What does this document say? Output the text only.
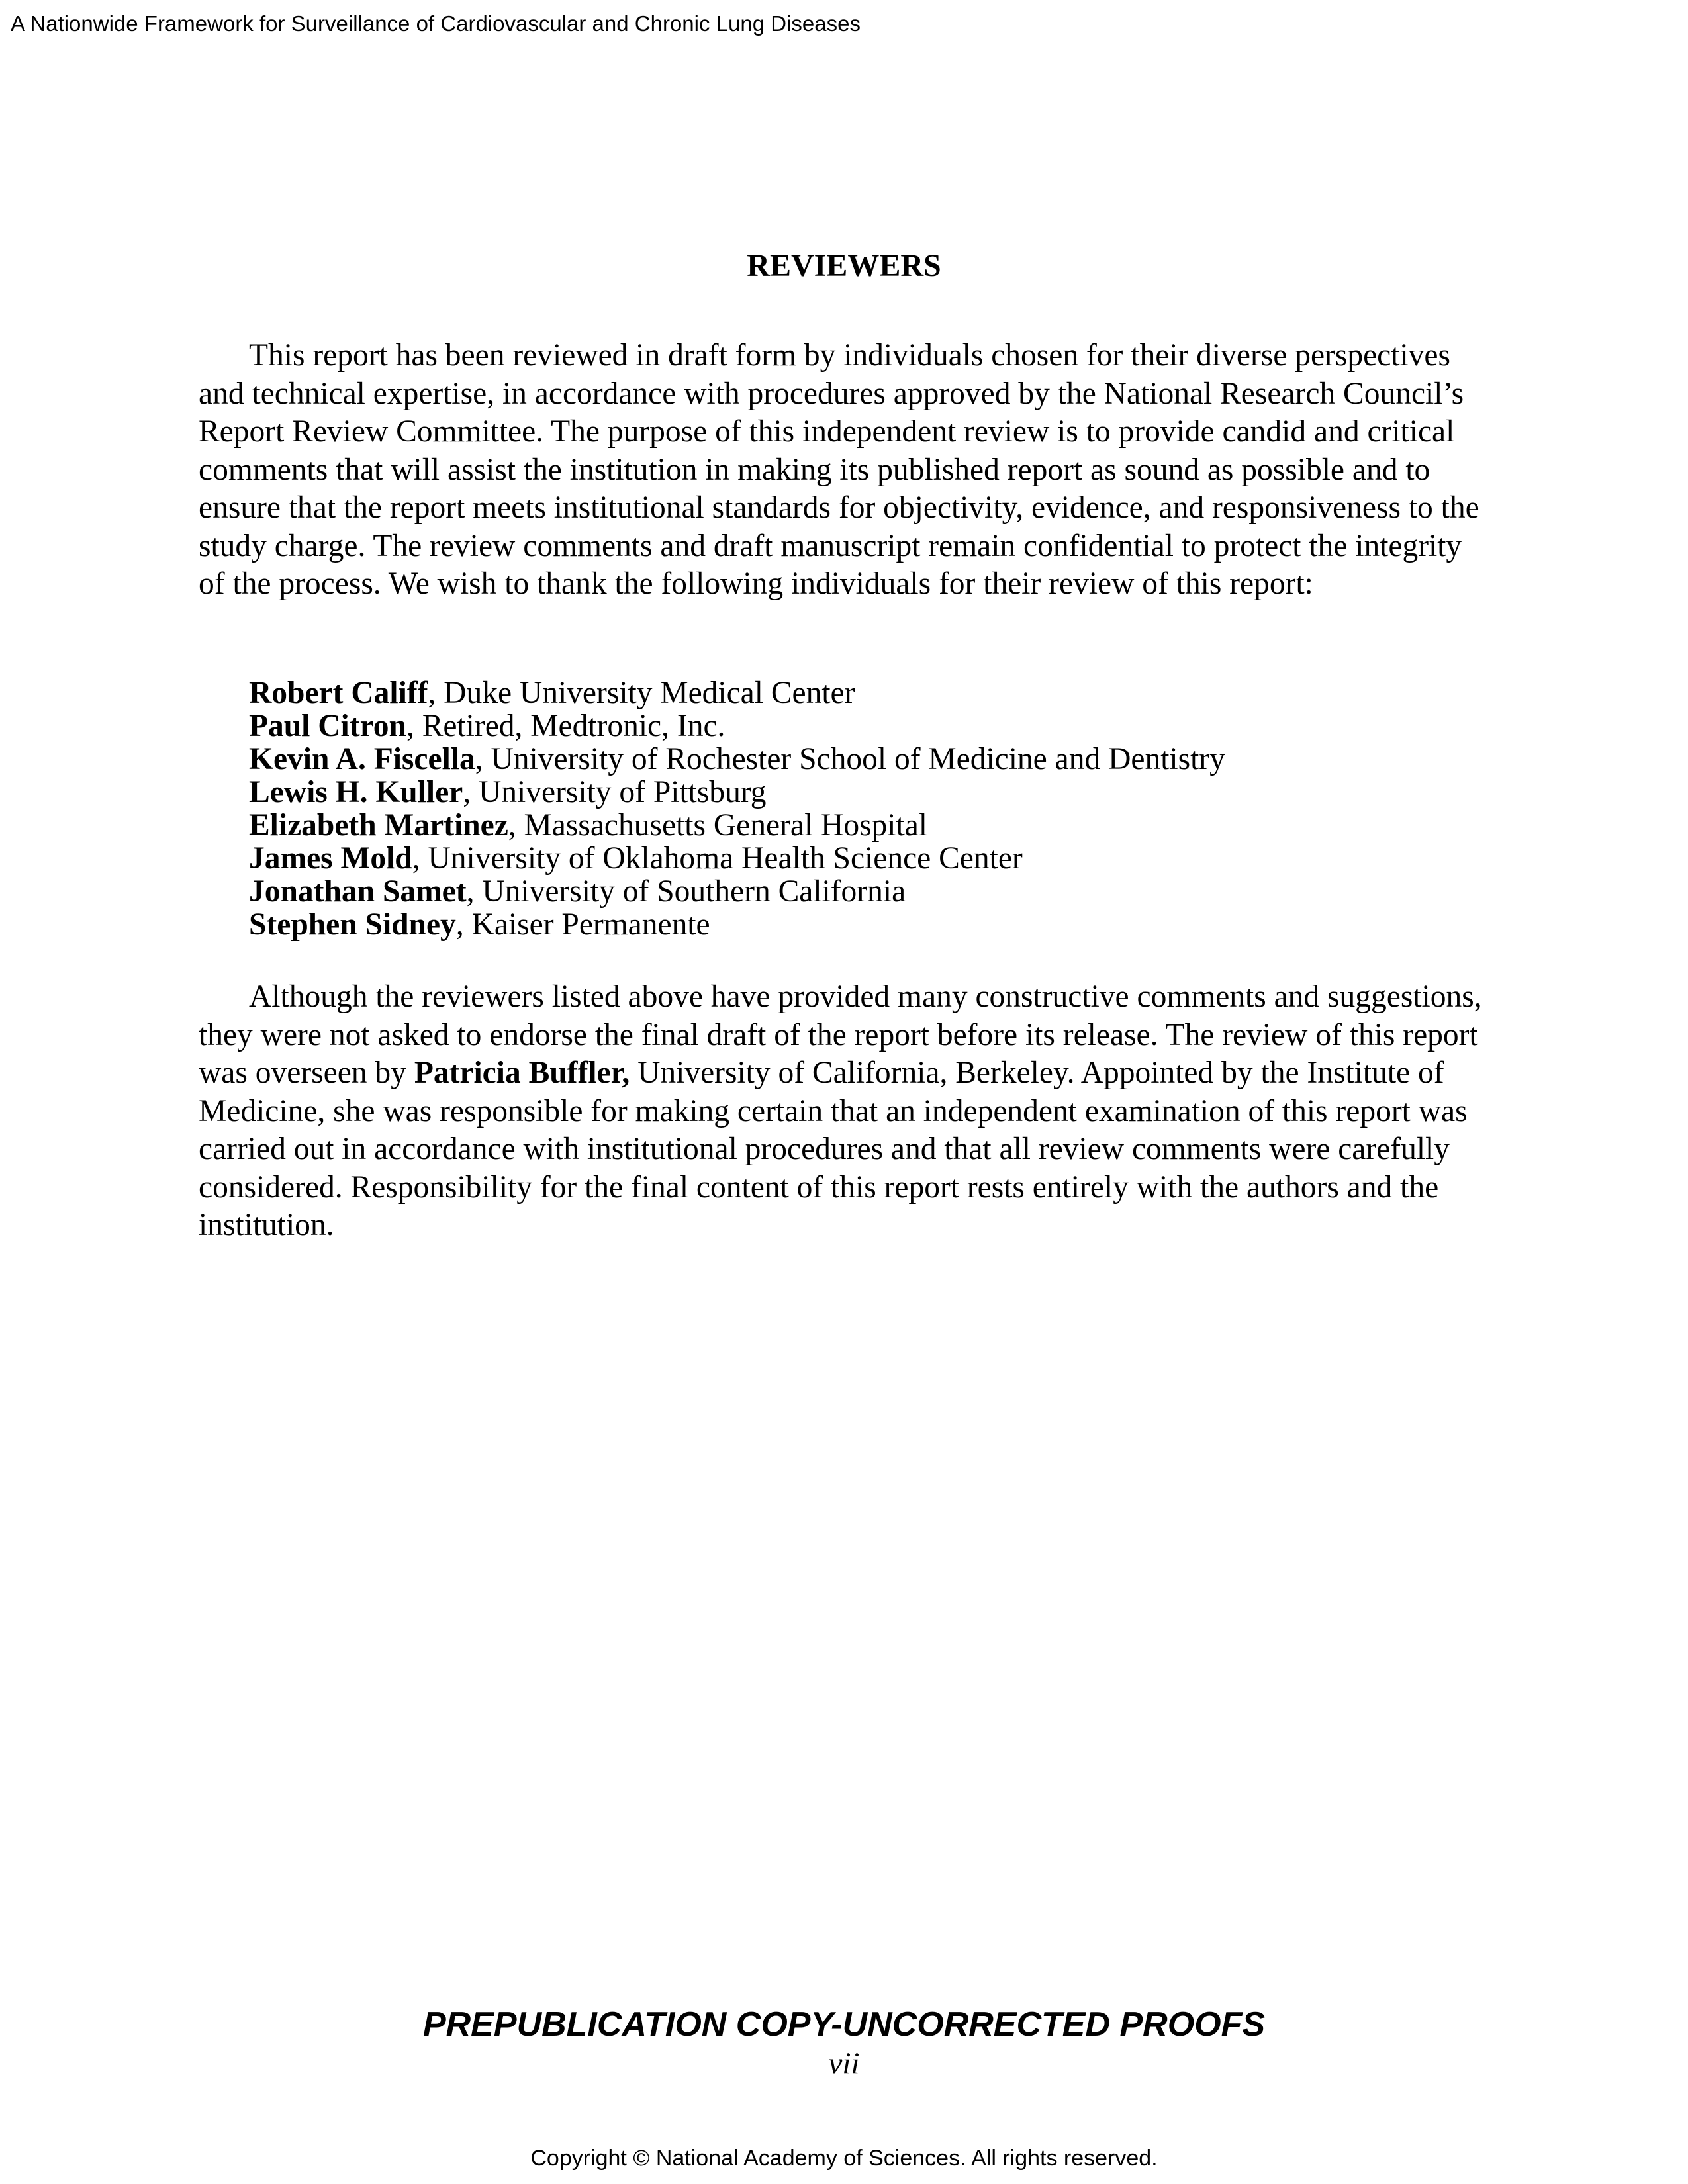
A Nationwide Framework for Surveillance of Cardiovascular and Chronic Lung Diseases
REVIEWERS

This report has been reviewed in draft form by individuals chosen for their diverse perspectives and technical expertise, in accordance with procedures approved by the National Research Council’s Report Review Committee. The purpose of this independent review is to provide candid and critical comments that will assist the institution in making its published report as sound as possible and to ensure that the report meets institutional standards for objectivity, evidence, and responsiveness to the study charge. The review comments and draft manuscript remain confidential to protect the integrity of the process. We wish to thank the following individuals for their review of this report:

Robert Califf, Duke University Medical Center
Paul Citron, Retired, Medtronic, Inc.
Kevin A. Fiscella, University of Rochester School of Medicine and Dentistry
Lewis H. Kuller, University of Pittsburg
Elizabeth Martinez, Massachusetts General Hospital
James Mold, University of Oklahoma Health Science Center
Jonathan Samet, University of Southern California
Stephen Sidney, Kaiser Permanente

Although the reviewers listed above have provided many constructive comments and suggestions, they were not asked to endorse the final draft of the report before its release. The review of this report was overseen by Patricia Buffler, University of California, Berkeley. Appointed by the Institute of Medicine, she was responsible for making certain that an independent examination of this report was carried out in accordance with institutional procedures and that all review comments were carefully considered. Responsibility for the final content of this report rests entirely with the authors and the institution.

PREPUBLICATION COPY-UNCORRECTED PROOFS
vii
Copyright © National Academy of Sciences. All rights reserved.
